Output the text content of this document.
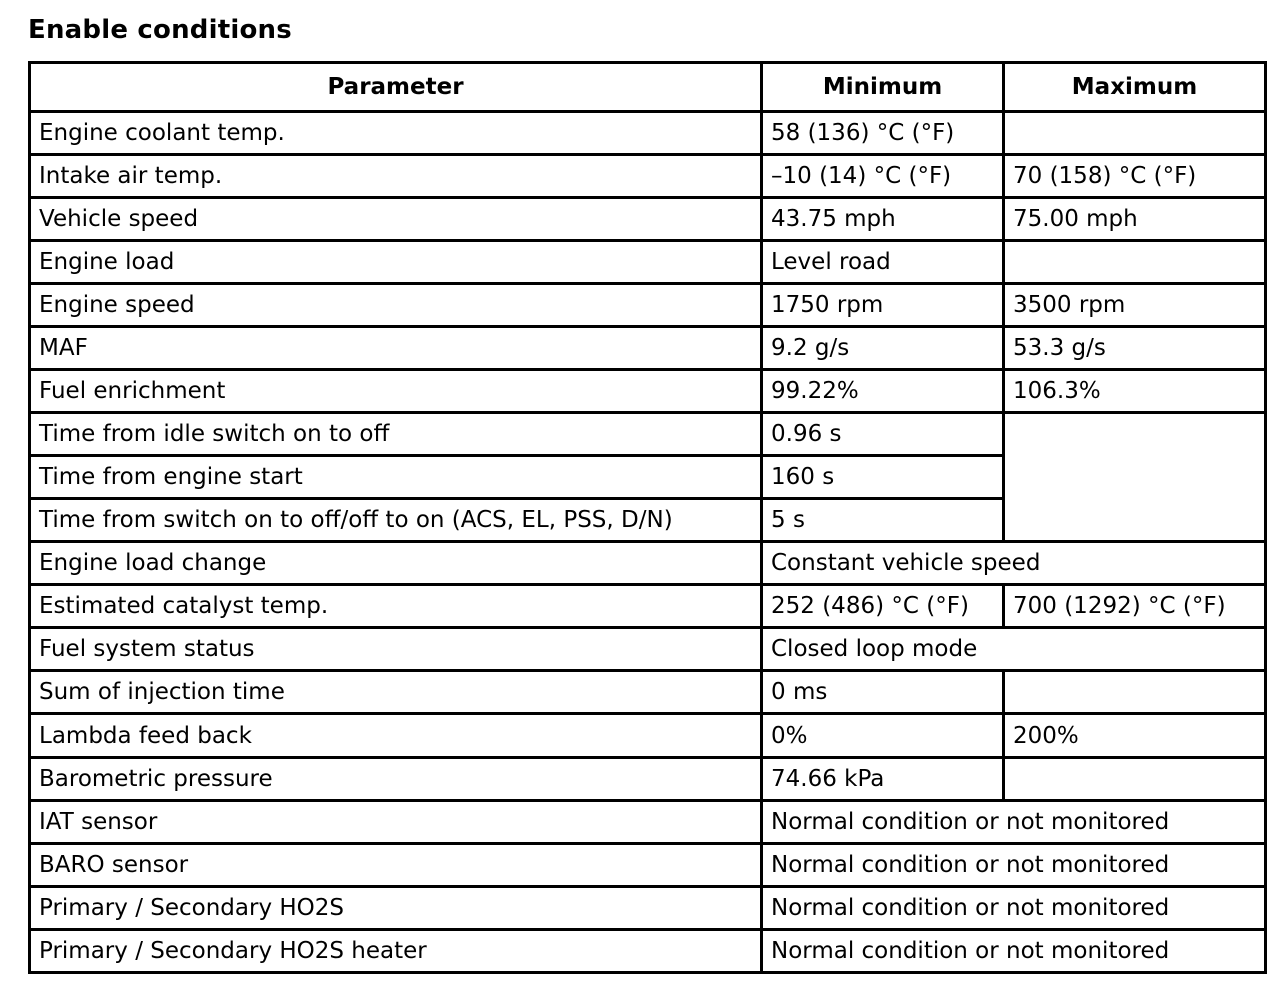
Enable conditions
Parameter	Minimum	Maximum
Engine coolant temp.	58 (136) °C (°F)	
Intake air temp.	–10 (14) °C (°F)	70 (158) °C (°F)
Vehicle speed	43.75 mph	75.00 mph
Engine load	Level road	
Engine speed	1750 rpm	3500 rpm
MAF	9.2 g/s	53.3 g/s
Fuel enrichment	99.22%	106.3%
Time from idle switch on to off	0.96 s	
Time from engine start	160 s	
Time from switch on to off/off to on (ACS, EL, PSS, D/N)	5 s	
Engine load change	Constant vehicle speed	
Estimated catalyst temp.	252 (486) °C (°F)	700 (1292) °C (°F)
Fuel system status	Closed loop mode	
Sum of injection time	0 ms	
Lambda feed back	0%	200%
Barometric pressure	74.66 kPa	
IAT sensor	Normal condition or not monitored	
BARO sensor	Normal condition or not monitored	
Primary / Secondary HO2S	Normal condition or not monitored	
Primary / Secondary HO2S heater	Normal condition or not monitored	
